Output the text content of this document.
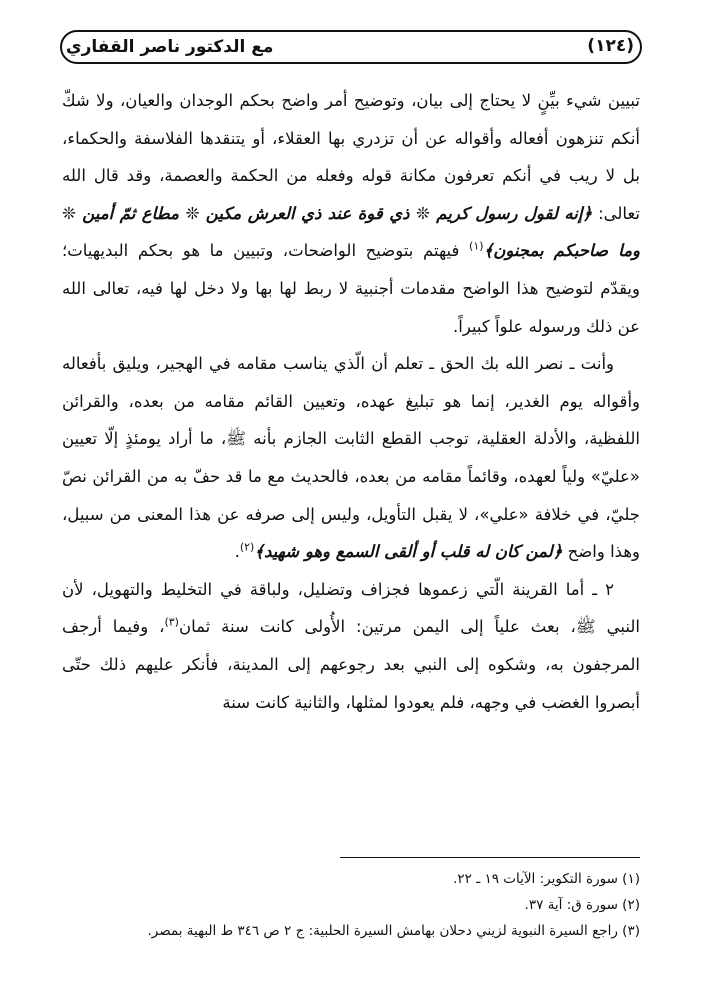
(١٢٤)
مع الدكتور ناصر القفاري

تبيين شيء بيِّنٍ لا يحتاج إلى بيان، وتوضيح أمر واضح بحكم الوجدان والعيان، ولا شكّ أنكم تنزهون أفعاله وأقواله عن أن تزدري بها العقلاء، أو يتنقدها الفلاسفة والحكماء، بل لا ريب في أنكم تعرفون مكانة قوله وفعله من الحكمة والعصمة، وقد قال الله تعالى: ﴿إنه لقول رسول كريم ❊ ذي قوة عند ذي العرش مكين ❊ مطاع ثمّ أمين ❊ وما صاحبكم بمجنون﴾$^{(١)}$ فيهتم بتوضيح الواضحات، وتبيين ما هو بحكم البديهيات؛ ويقدّم لتوضيح هذا الواضح مقدمات أجنبية لا ربط لها بها ولا دخل لها فيه، تعالى الله عن ذلك ورسوله علواً كبيراً.

وأنت ـ نصر الله بك الحق ـ تعلم أن الّذي يناسب مقامه في الهجير، ويليق بأفعاله وأقواله يوم الغدير، إنما هو تبليغ عهده، وتعيين القائم مقامه من بعده، والقرائن اللفظية، والأدلة العقلية، توجب القطع الثابت الجازم بأنه ﷺ، ما أراد يومئذٍ إلّا تعيين «عليّ» ولياً لعهده، وقائماً مقامه من بعده، فالحديث مع ما قد حفّ به من القرائن نصّ جليّ، في خلافة «علي»، لا يقبل التأويل، وليس إلى صرفه عن هذا المعنى من سبيل، وهذا واضح ﴿لمن كان له قلب أو ألقى السمع وهو شهيد﴾$^{(٢)}$.

٢ ـ أما القرينة الّتي زعموها فجزاف وتضليل، ولباقة في التخليط والتهويل، لأن النبي ﷺ، بعث علياً إلى اليمن مرتين: الأُولى كانت سنة ثمان$^{(٣)}$، وفيما أرجف المرجفون به، وشكوه إلى النبي بعد رجوعهم إلى المدينة، فأنكر عليهم ذلك حتّى أبصروا الغضب في وجهه، فلم يعودوا لمثلها، والثانية كانت سنة

(١) سورة التكوير: الآيات ١٩ ـ ٢٢.
(٢) سورة ق: آية ٣٧.
(٣) راجع السيرة النبوية لزيني دحلان بهامش السيرة الحلبية: ج ٢ ص ٣٤٦ ط البهية بمصر.
